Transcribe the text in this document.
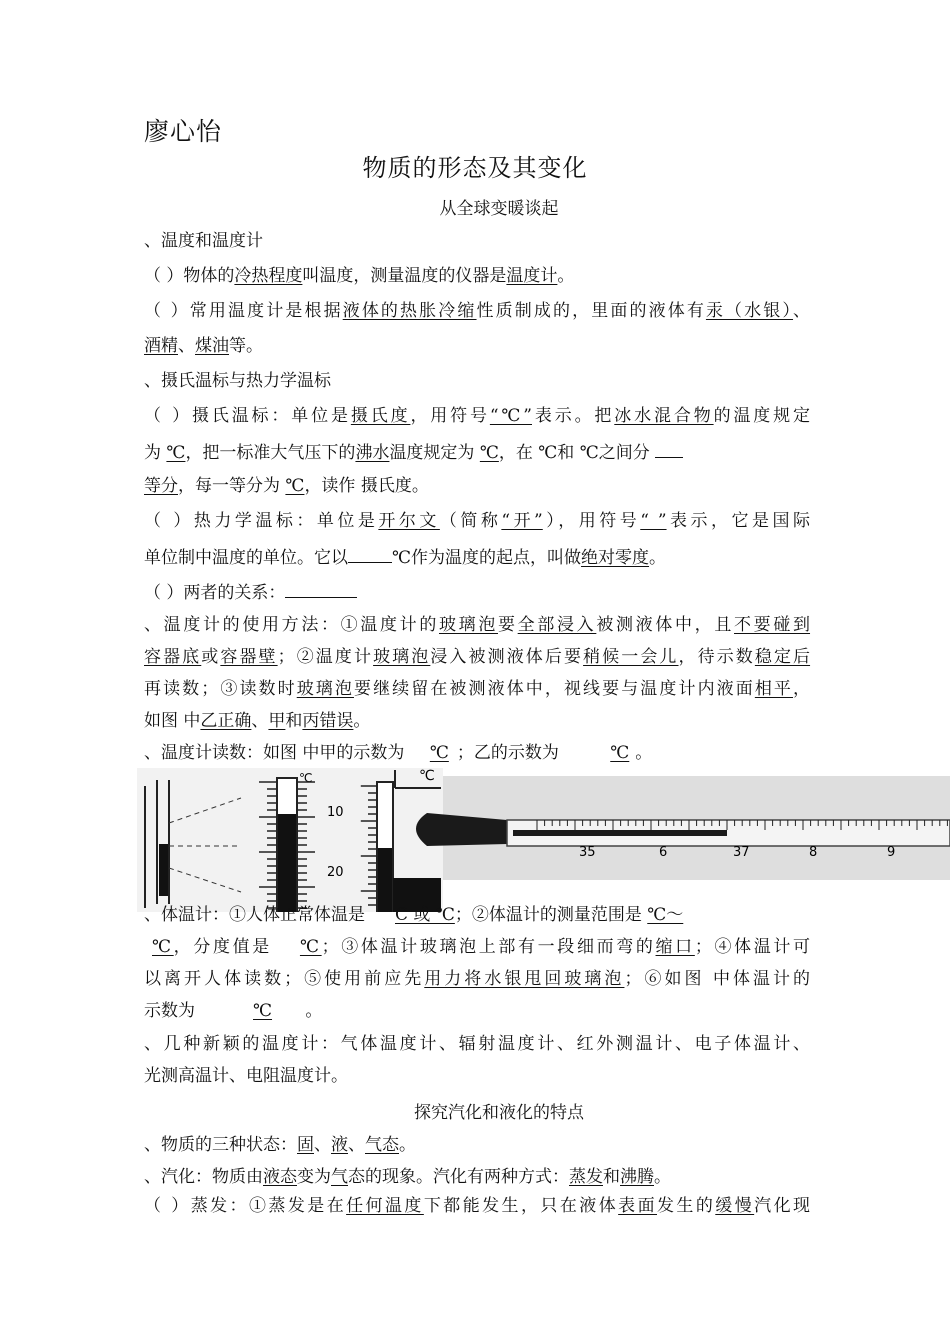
廖心怡
物质的形态及其变化
从全球变暖谈起
、温度和温度计
（ ）物体的冷热程度叫温度，测量温度的仪器是温度计。
（ ）常用温度计是根据液体的热胀冷缩性质制成的，里面的液体有汞（水银）、
酒精、煤油等。
、摄氏温标与热力学温标
（ ）摄氏温标：单位是摄氏度，用符号“℃”表示。把冰水混合物的温度规定
为 ℃，把一标准大气压下的沸水温度规定为 ℃，在 ℃和 ℃之间分
等分，每一等分为 ℃，读作 摄氏度。
（ ）热力学温标：单位是开尔文（简称“开”），用符号“ ”表示，它是国际
单位制中温度的单位。它以	℃作为温度的起点，叫做绝对零度。
（ ）两者的关系：
、温度计的使用方法：①温度计的玻璃泡要全部浸入被测液体中，且不要碰到
容器底或容器壁；②温度计玻璃泡浸入被测液体后要稍候一会儿，待示数稳定后
再读数；③读数时玻璃泡要继续留在被测液体中，视线要与温度计内液面相平，
如图 中乙正确、甲和丙错误。
、温度计读数：如图 中甲的示数为 ℃ ；乙的示数为	℃ 。
℃
10
20
℃
35	6	37	8	9
、体温计：①人体正常体温是 C 或 ℃；②体温计的测量范围是 ℃～
℃，分度值是 ℃；③体温计玻璃泡上部有一段细而弯的缩口；④体温计可
以离开人体读数；⑤使用前应先用力将水银甩回玻璃泡；⑥如图 中体温计的
示数为	℃ 。
、几种新颖的温度计：气体温度计、辐射温度计、红外测温计、电子体温计、
光测高温计、电阻温度计。
探究汽化和液化的特点
、物质的三种状态：固、液、气态。
、汽化：物质由液态变为气态的现象。汽化有两种方式：蒸发和沸腾。
（ ）蒸发：①蒸发是在任何温度下都能发生，只在液体表面发生的缓慢汽化现
